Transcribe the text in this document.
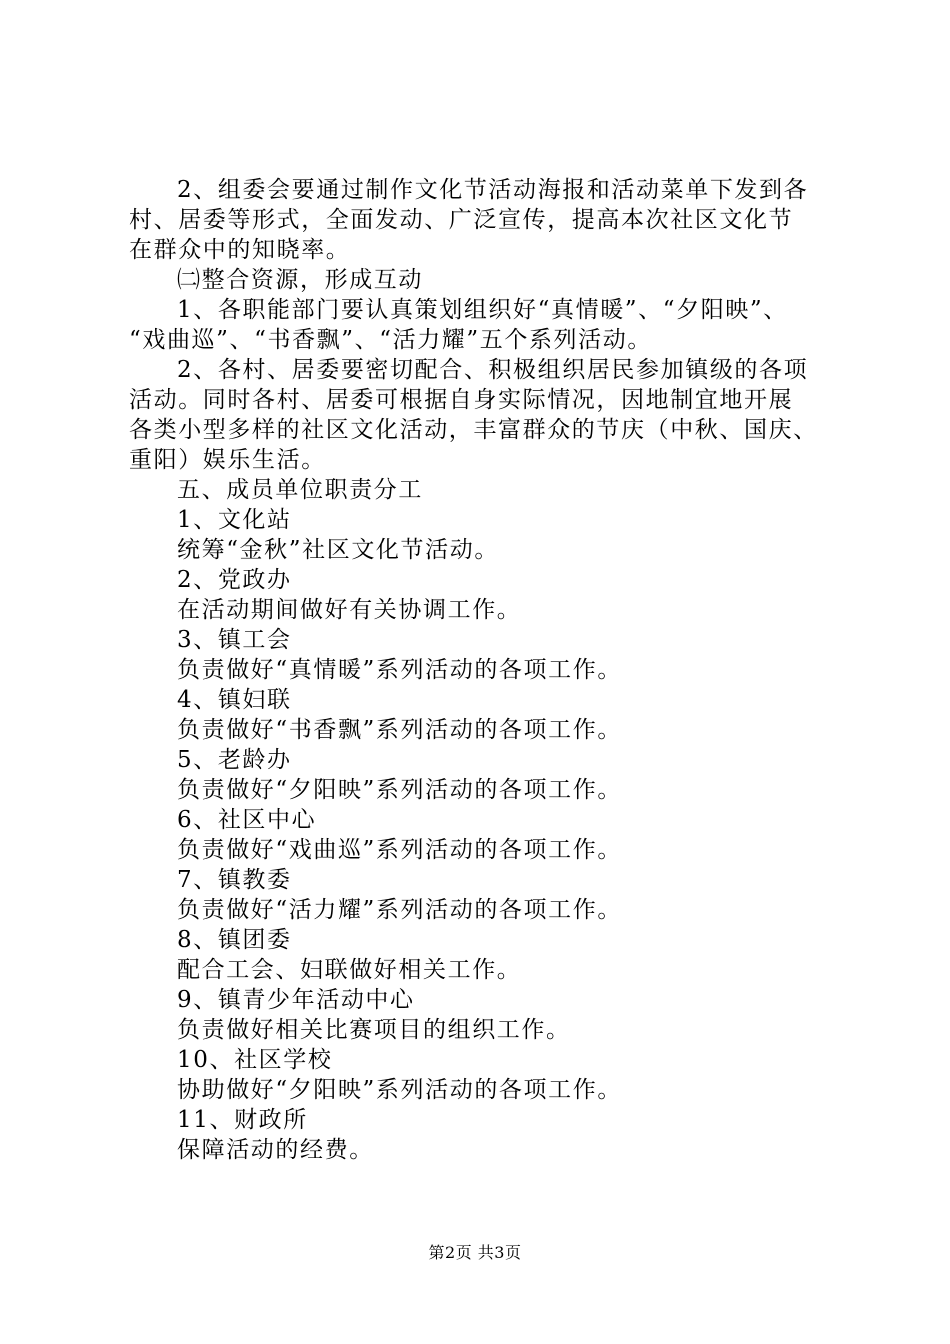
2、组委会要通过制作文化节活动海报和活动菜单下发到各
村、居委等形式，全面发动、广泛宣传，提高本次社区文化节
在群众中的知晓率。
㈡整合资源，形成互动
1、各职能部门要认真策划组织好“真情暖”、“夕阳映”、
“戏曲巡”、“书香飘”、“活力耀”五个系列活动。
2、各村、居委要密切配合、积极组织居民参加镇级的各项
活动。同时各村、居委可根据自身实际情况，因地制宜地开展
各类小型多样的社区文化活动，丰富群众的节庆（中秋、国庆、
重阳）娱乐生活。
五、成员单位职责分工
1、文化站
统筹“金秋”社区文化节活动。
2、党政办
在活动期间做好有关协调工作。
3、镇工会
负责做好“真情暖”系列活动的各项工作。
4、镇妇联
负责做好“书香飘”系列活动的各项工作。
5、老龄办
负责做好“夕阳映”系列活动的各项工作。
6、社区中心
负责做好“戏曲巡”系列活动的各项工作。
7、镇教委
负责做好“活力耀”系列活动的各项工作。
8、镇团委
配合工会、妇联做好相关工作。
9、镇青少年活动中心
负责做好相关比赛项目的组织工作。
10、社区学校
协助做好“夕阳映”系列活动的各项工作。
11、财政所
保障活动的经费。
第2页 共3页
